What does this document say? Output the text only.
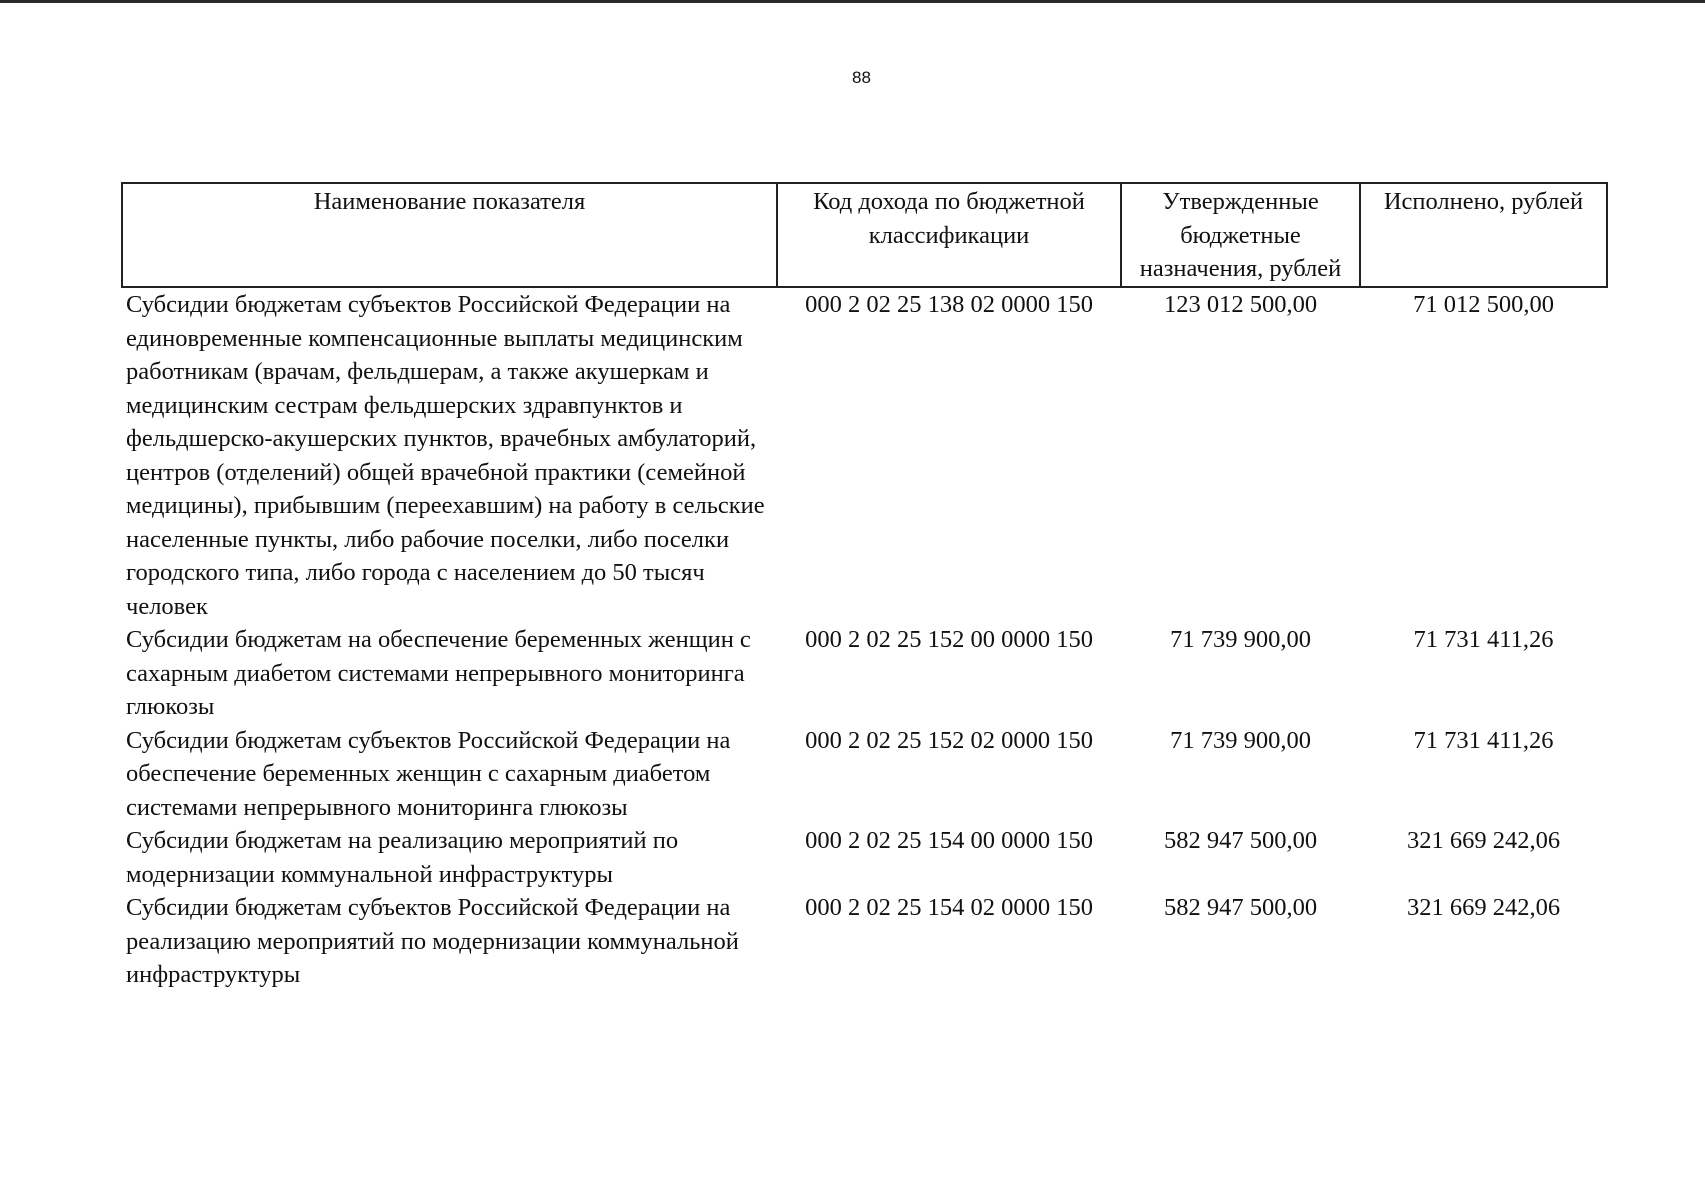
88
Наименование показателя	Код дохода по бюджетной классификации	Утвержденные бюджетные назначения, рублей	Исполнено, рублей
Субсидии бюджетам субъектов Российской Федерации на единовременные компенсационные выплаты медицинским работникам (врачам, фельдшерам, а также акушеркам и медицинским сестрам фельдшерских здравпунктов и фельдшерско-акушерских пунктов, врачебных амбулаторий, центров (отделений) общей врачебной практики (семейной медицины), прибывшим (переехавшим) на работу в сельские населенные пункты, либо рабочие поселки, либо поселки городского типа, либо города с населением до 50 тысяч человек	000 2 02 25 138 02 0000 150	123 012 500,00	71 012 500,00
Субсидии бюджетам на обеспечение беременных женщин с сахарным диабетом системами непрерывного мониторинга глюкозы	000 2 02 25 152 00 0000 150	71 739 900,00	71 731 411,26
Субсидии бюджетам субъектов Российской Федерации на обеспечение беременных женщин с сахарным диабетом системами непрерывного мониторинга глюкозы	000 2 02 25 152 02 0000 150	71 739 900,00	71 731 411,26
Субсидии бюджетам на реализацию мероприятий по модернизации коммунальной инфраструктуры	000 2 02 25 154 00 0000 150	582 947 500,00	321 669 242,06
Субсидии бюджетам субъектов Российской Федерации на реализацию мероприятий по модернизации коммунальной инфраструктуры	000 2 02 25 154 02 0000 150	582 947 500,00	321 669 242,06
